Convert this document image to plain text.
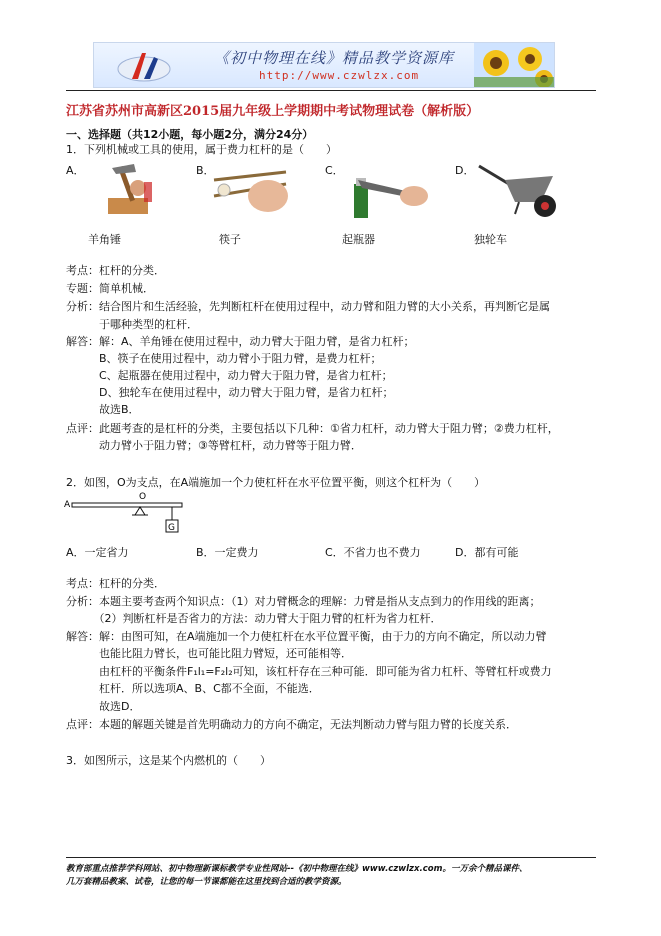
《初中物理在线》精品教学资源库
http://www.czwlzx.com
江苏省苏州市高新区2015届九年级上学期期中考试物理试卷（解析版）
一、选择题（共12小题，每小题2分，满分24分）
1．下列机械或工具的使用，属于费力杠杆的是（　　）
A．	B．	C．	D．
羊角锤	筷子	起瓶器	独轮车
考点：杠杆的分类．
专题：简单机械．
分析：结合图片和生活经验，先判断杠杆在使用过程中，动力臂和阻力臂的大小关系，再判断它是属
　　　于哪种类型的杠杆．
解答：解：A、羊角锤在使用过程中，动力臂大于阻力臂，是省力杠杆；
　　　B、筷子在使用过程中，动力臂小于阻力臂，是费力杠杆；
　　　C、起瓶器在使用过程中，动力臂大于阻力臂，是省力杠杆；
　　　D、独轮车在使用过程中，动力臂大于阻力臂，是省力杠杆；
　　　故选B．
点评：此题考查的是杠杆的分类，主要包括以下几种：①省力杠杆，动力臂大于阻力臂；②费力杠杆，
　　　动力臂小于阻力臂；③等臂杠杆，动力臂等于阻力臂．
2．如图，O为支点，在A端施加一个力使杠杆在水平位置平衡，则这个杠杆为（　　）
A
O
G
A．一定省力	B．一定费力	C．不省力也不费力	D．都有可能
考点：杠杆的分类．
分析：本题主要考查两个知识点：（1）对力臂概念的理解：力臂是指从支点到力的作用线的距离；
　　　（2）判断杠杆是否省力的方法：动力臂大于阻力臂的杠杆为省力杠杆．
解答：解：由图可知，在A端施加一个力使杠杆在水平位置平衡，由于力的方向不确定，所以动力臂
　　　也能比阻力臂长，也可能比阻力臂短，还可能相等．
　　　由杠杆的平衡条件F₁l₁=F₂l₂可知，该杠杆存在三种可能．即可能为省力杠杆、等臂杠杆或费力
　　　杠杆．所以选项A、B、C都不全面，不能选．
　　　故选D．
点评：本题的解题关键是首先明确动力的方向不确定，无法判断动力臂与阻力臂的长度关系．
3．如图所示，这是某个内燃机的（　　）
教育部重点推荐学科网站、初中物理新课标教学专业性网站--《初中物理在线》www.czwlzx.com。一万余个精品课件、
几万套精品教案、试卷，让您的每一节课都能在这里找到合适的教学资源。
